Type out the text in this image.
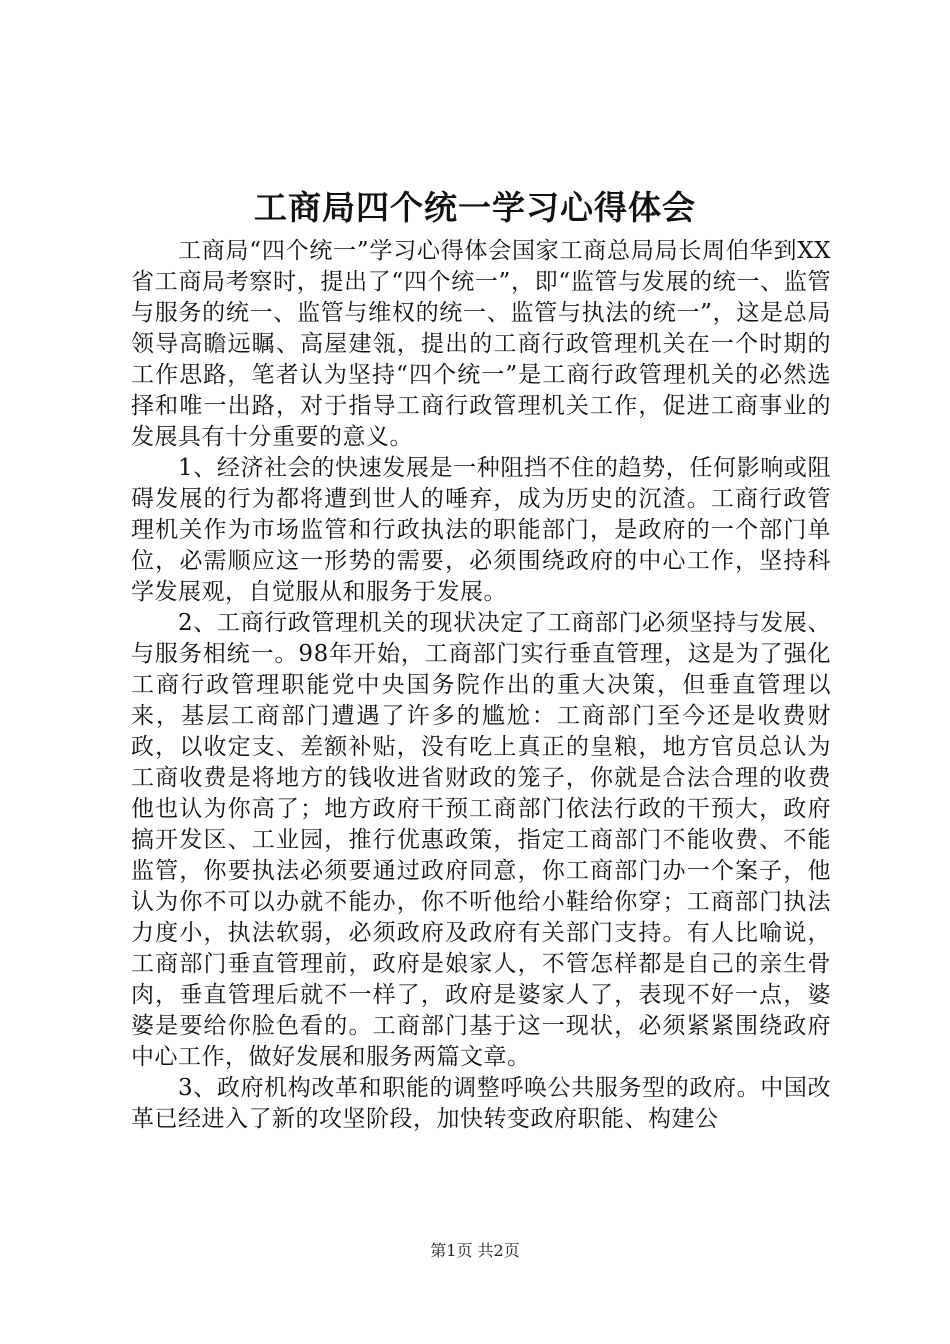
工商局四个统一学习心得体会

工商局“四个统一”学习心得体会国家工商总局局长周伯华到XX省工商局考察时，提出了“四个统一”，即“监管与发展的统一、监管与服务的统一、监管与维权的统一、监管与执法的统一”，这是总局领导高瞻远瞩、高屋建瓴，提出的工商行政管理机关在一个时期的工作思路，笔者认为坚持“四个统一”是工商行政管理机关的必然选择和唯一出路，对于指导工商行政管理机关工作，促进工商事业的发展具有十分重要的意义。

1、经济社会的快速发展是一种阻挡不住的趋势，任何影响或阻碍发展的行为都将遭到世人的唾弃，成为历史的沉渣。工商行政管理机关作为市场监管和行政执法的职能部门，是政府的一个部门单位，必需顺应这一形势的需要，必须围绕政府的中心工作，坚持科学发展观，自觉服从和服务于发展。

2、工商行政管理机关的现状决定了工商部门必须坚持与发展、与服务相统一。98年开始，工商部门实行垂直管理，这是为了强化工商行政管理职能党中央国务院作出的重大决策，但垂直管理以来，基层工商部门遭遇了许多的尴尬：工商部门至今还是收费财政，以收定支、差额补贴，没有吃上真正的皇粮，地方官员总认为工商收费是将地方的钱收进省财政的笼子，你就是合法合理的收费他也认为你高了；地方政府干预工商部门依法行政的干预大，政府搞开发区、工业园，推行优惠政策，指定工商部门不能收费、不能监管，你要执法必须要通过政府同意，你工商部门办一个案子，他认为你不可以办就不能办，你不听他给小鞋给你穿；工商部门执法力度小，执法软弱，必须政府及政府有关部门支持。有人比喻说，工商部门垂直管理前，政府是娘家人，不管怎样都是自己的亲生骨肉，垂直管理后就不一样了，政府是婆家人了，表现不好一点，婆婆是要给你脸色看的。工商部门基于这一现状，必须紧紧围绕政府中心工作，做好发展和服务两篇文章。

3、政府机构改革和职能的调整呼唤公共服务型的政府。中国改革已经进入了新的攻坚阶段，加快转变政府职能、构建公

第1页 共2页
